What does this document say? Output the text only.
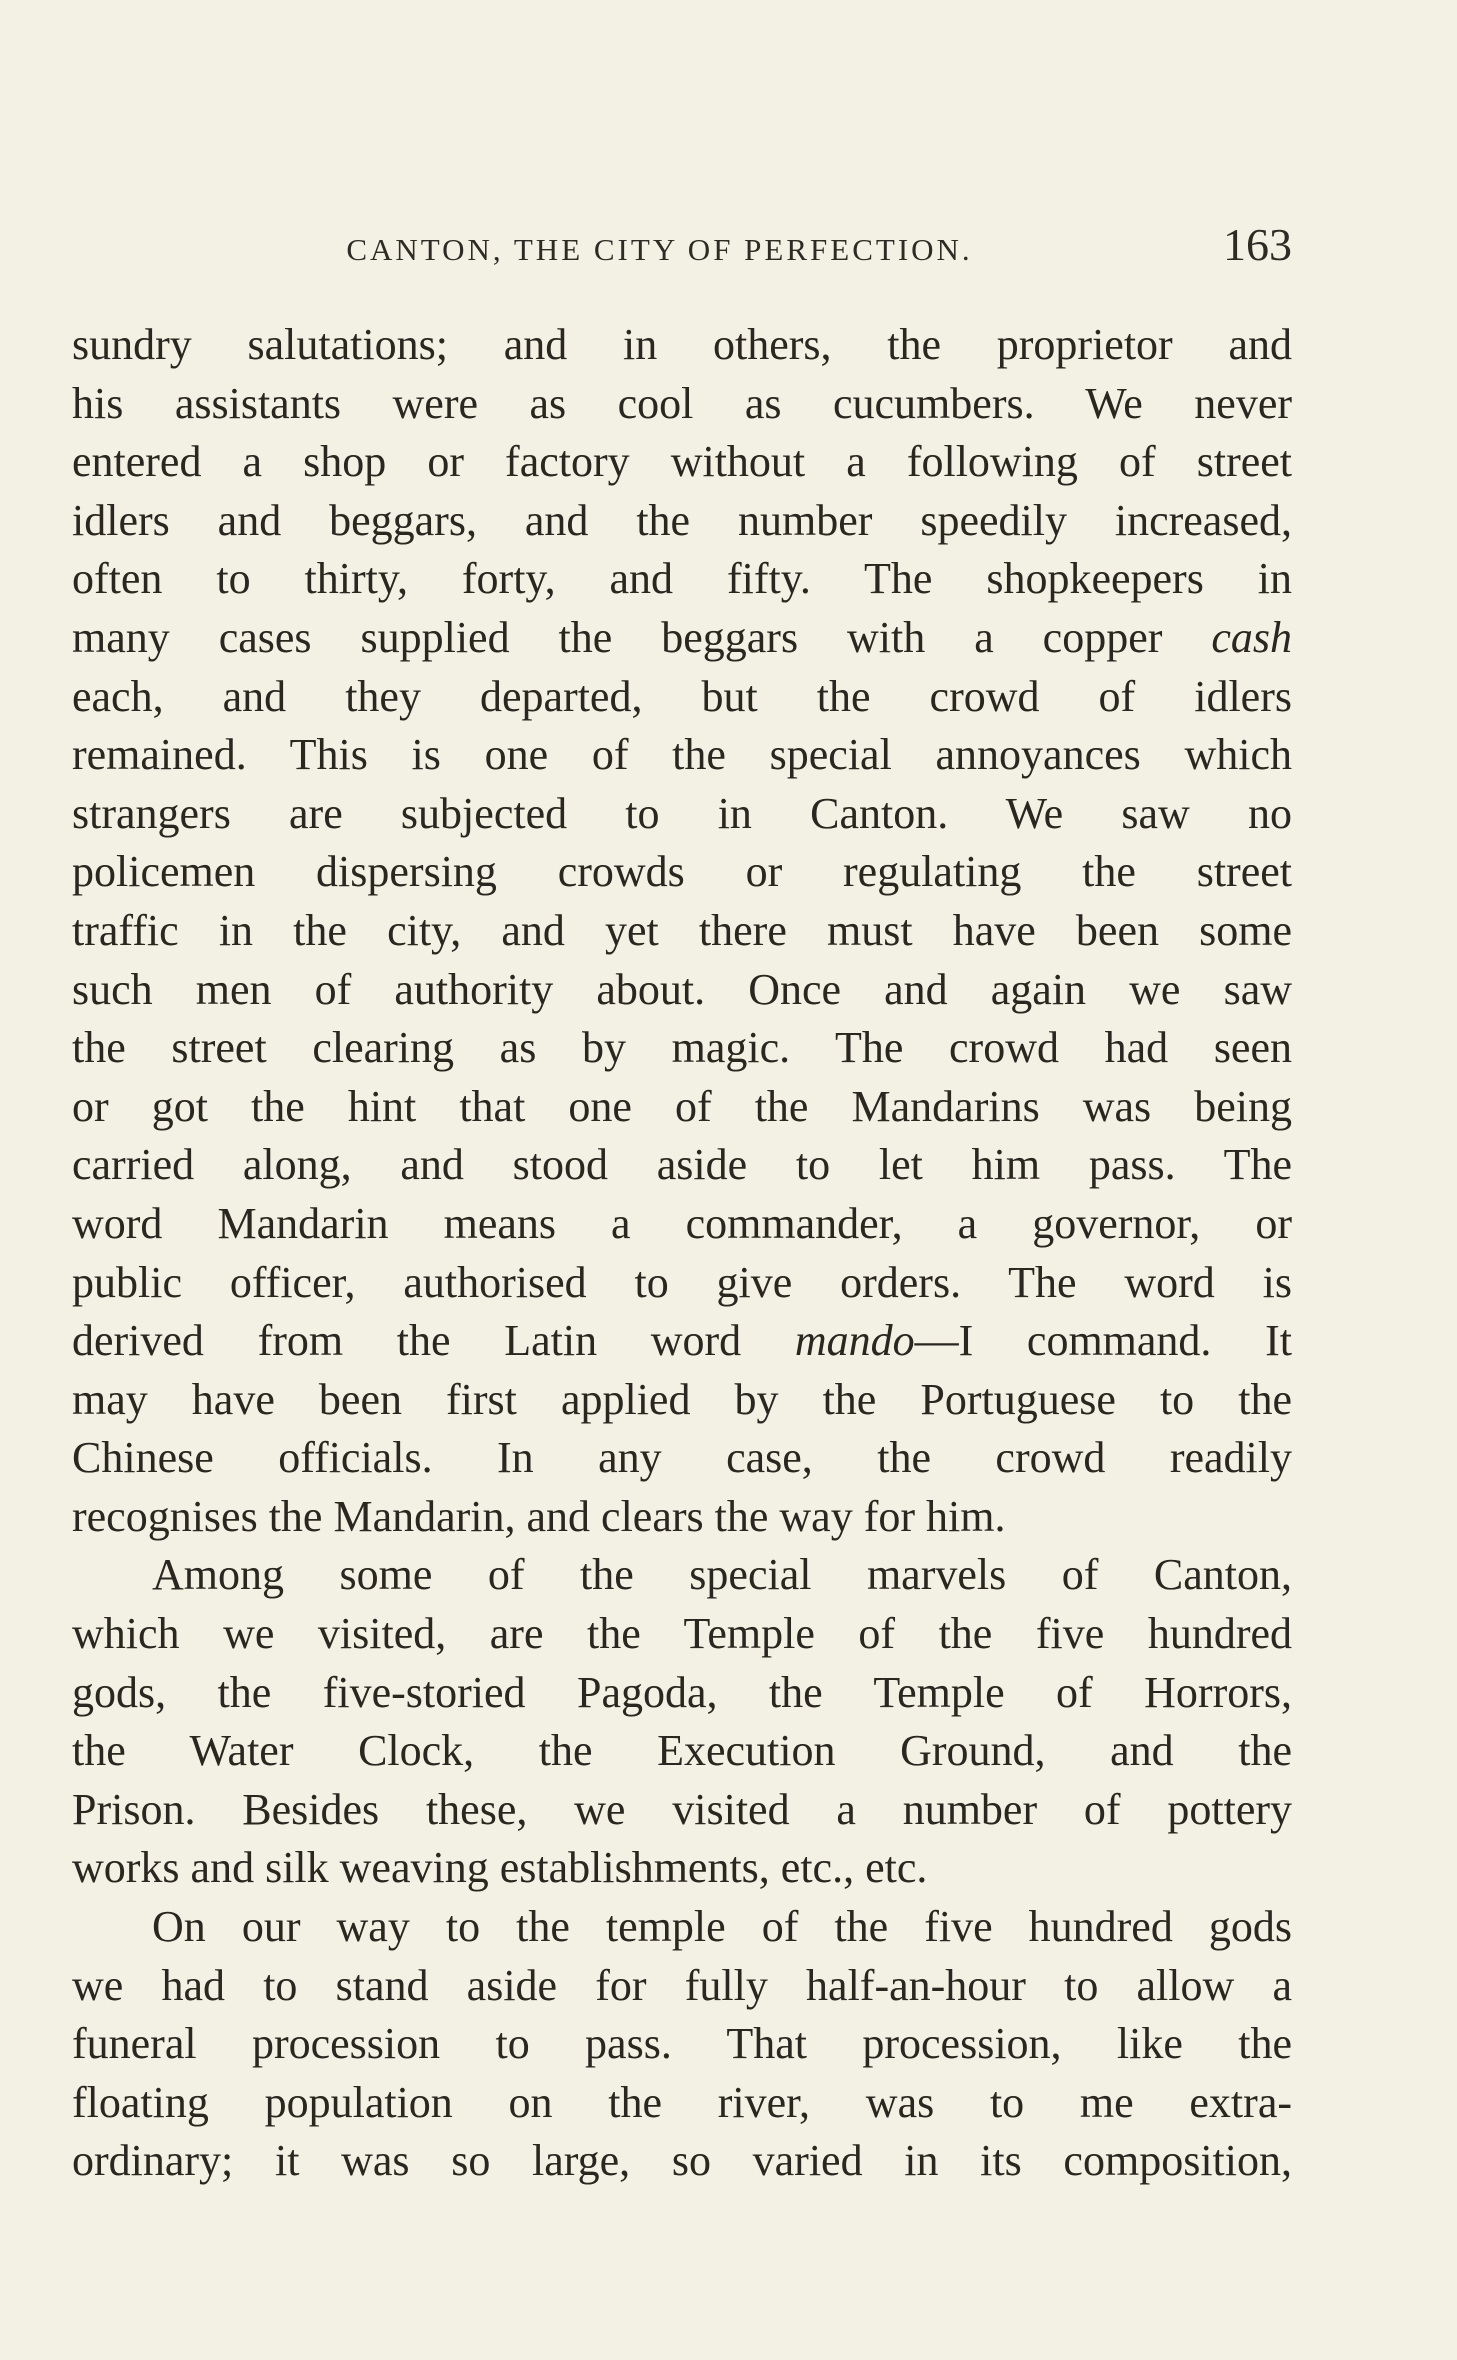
CANTON, THE CITY OF PERFECTION.	163
sundry salutations; and in others, the proprietor and
his assistants were as cool as cucumbers. We never
entered a shop or factory without a following of street
idlers and beggars, and the number speedily increased,
often to thirty, forty, and fifty. The shopkeepers in
many cases supplied the beggars with a copper cash
each, and they departed, but the crowd of idlers
remained. This is one of the special annoyances which
strangers are subjected to in Canton. We saw no
policemen dispersing crowds or regulating the street
traffic in the city, and yet there must have been some
such men of authority about. Once and again we saw
the street clearing as by magic. The crowd had seen
or got the hint that one of the Mandarins was being
carried along, and stood aside to let him pass. The
word Mandarin means a commander, a governor, or
public officer, authorised to give orders. The word is
derived from the Latin word mando—I command. It
may have been first applied by the Portuguese to the
Chinese officials. In any case, the crowd readily
recognises the Mandarin, and clears the way for him.
Among some of the special marvels of Canton,
which we visited, are the Temple of the five hundred
gods, the five-storied Pagoda, the Temple of Horrors,
the Water Clock, the Execution Ground, and the
Prison. Besides these, we visited a number of pottery
works and silk weaving establishments, etc., etc.
On our way to the temple of the five hundred gods
we had to stand aside for fully half-an-hour to allow a
funeral procession to pass. That procession, like the
floating population on the river, was to me extra-
ordinary; it was so large, so varied in its composition,
